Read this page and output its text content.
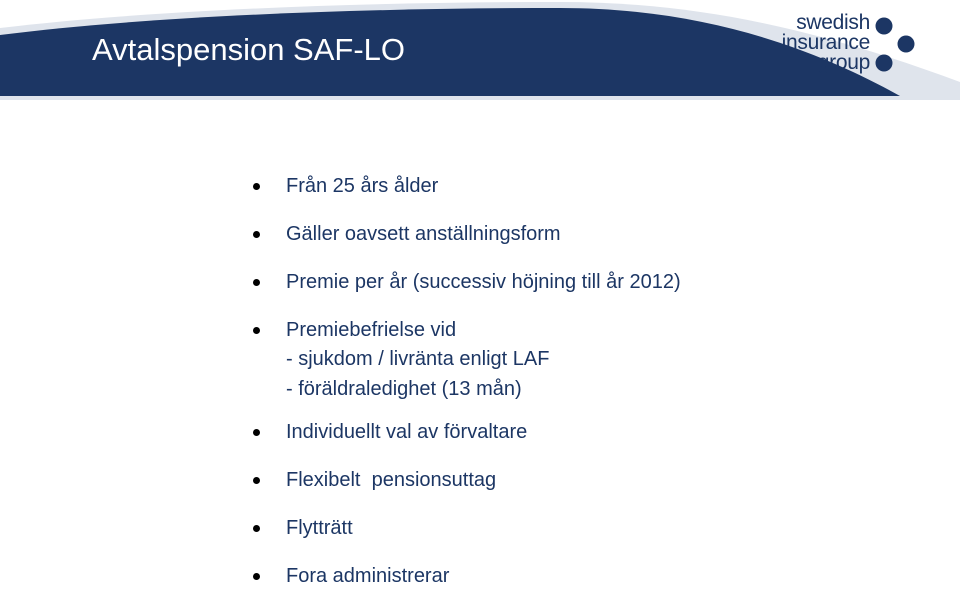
Avtalspension SAF-LO
swedish
insurance
group
Från 25 års ålder
Gäller oavsett anställningsform
Premie per år (successiv höjning till år 2012)
Premiebefrielse vid
- sjukdom / livränta enligt LAF
- föräldraledighet (13 mån)
Individuellt val av förvaltare
Flexibelt  pensionsuttag
Flytträtt
Fora administrerar
